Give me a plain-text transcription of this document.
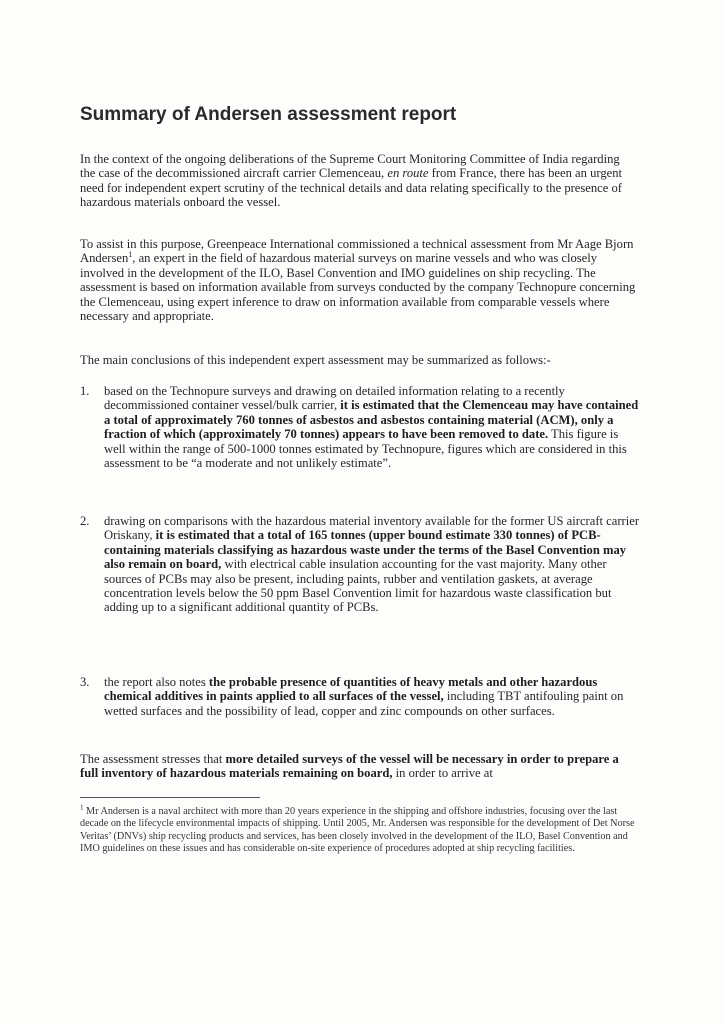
Summary of Andersen assessment report

In the context of the ongoing deliberations of the Supreme Court Monitoring Committee of India regarding the case of the decommissioned aircraft carrier Clemenceau, en route from France, there has been an urgent need for independent expert scrutiny of the technical details and data relating specifically to the presence of hazardous materials onboard the vessel.

To assist in this purpose, Greenpeace International commissioned a technical assessment from Mr Aage Bjorn Andersen$^1$, an expert in the field of hazardous material surveys on marine vessels and who was closely involved in the development of the ILO, Basel Convention and IMO guidelines on ship recycling. The assessment is based on information available from surveys conducted by the company Technopure concerning the Clemenceau, using expert inference to draw on information available from comparable vessels where necessary and appropriate.

The main conclusions of this independent expert assessment may be summarized as follows:-

1. based on the Technopure surveys and drawing on detailed information relating to a recently decommissioned container vessel/bulk carrier, it is estimated that the Clemenceau may have contained a total of approximately 760 tonnes of asbestos and asbestos containing material (ACM), only a fraction of which (approximately 70 tonnes) appears to have been removed to date. This figure is well within the range of 500-1000 tonnes estimated by Technopure, figures which are considered in this assessment to be “a moderate and not unlikely estimate”.
2. drawing on comparisons with the hazardous material inventory available for the former US aircraft carrier Oriskany, it is estimated that a total of 165 tonnes (upper bound estimate 330 tonnes) of PCB-containing materials classifying as hazardous waste under the terms of the Basel Convention may also remain on board, with electrical cable insulation accounting for the vast majority. Many other sources of PCBs may also be present, including paints, rubber and ventilation gaskets, at average concentration levels below the 50 ppm Basel Convention limit for hazardous waste classification but adding up to a significant additional quantity of PCBs.
3. the report also notes the probable presence of quantities of heavy metals and other hazardous chemical additives in paints applied to all surfaces of the vessel, including TBT antifouling paint on wetted surfaces and the possibility of lead, copper and zinc compounds on other surfaces.

The assessment stresses that more detailed surveys of the vessel will be necessary in order to prepare a full inventory of hazardous materials remaining on board, in order to arrive at

$^1$ Mr Andersen is a naval architect with more than 20 years experience in the shipping and offshore industries, focusing over the last decade on the lifecycle environmental impacts of shipping. Until 2005, Mr. Andersen was responsible for the development of Det Norse Veritas’ (DNVs) ship recycling products and services, has been closely involved in the development of the ILO, Basel Convention and IMO guidelines on these issues and has considerable on-site experience of procedures adopted at ship recycling facilities.
